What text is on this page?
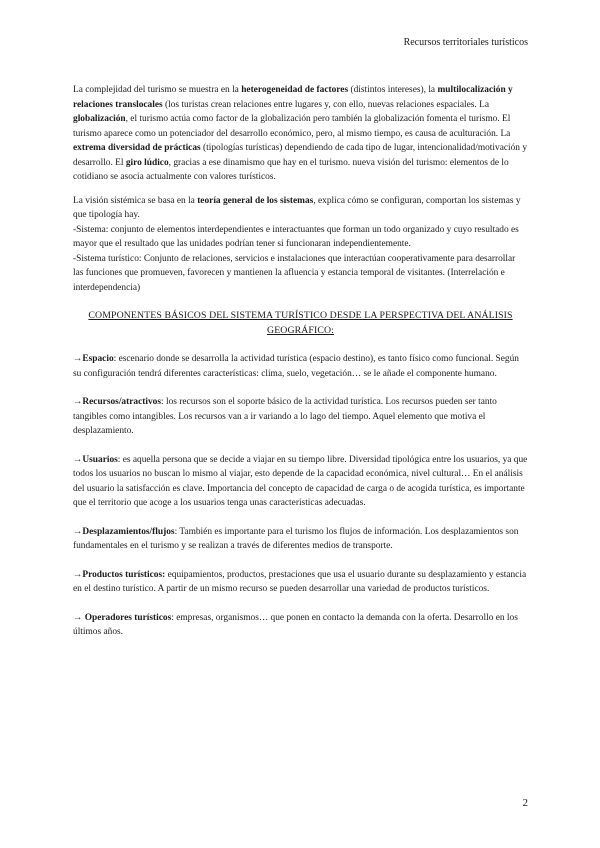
Recursos territoriales turísticos

La complejidad del turismo se muestra en la heterogeneidad de factores (distintos intereses), la multilocalización y relaciones translocales (los turistas crean relaciones entre lugares y, con ello, nuevas relaciones espaciales. La globalización, el turismo actúa como factor de la globalización pero también la globalización fomenta el turismo. El turismo aparece como un potenciador del desarrollo económico, pero, al mismo tiempo, es causa de aculturación. La extrema diversidad de prácticas (tipologías turísticas) dependiendo de cada tipo de lugar, intencionalidad/motivación y desarrollo. El giro lúdico, gracias a ese dinamismo que hay en el turismo. nueva visión del turismo: elementos de lo cotidiano se asocia actualmente con valores turísticos.

La visión sistémica se basa en la teoría general de los sistemas, explica cómo se configuran, comportan los sistemas y que tipología hay.

-Sistema: conjunto de elementos interdependientes e interactuantes que forman un todo organizado y cuyo resultado es mayor que el resultado que las unidades podrían tener si funcionaran independientemente.

-Sistema turístico: Conjunto de relaciones, servicios e instalaciones que interactúan cooperativamente para desarrollar las funciones que promueven, favorecen y mantienen la afluencia y estancia temporal de visitantes. (Interrelación e interdependencia)

COMPONENTES BÁSICOS DEL SISTEMA TURÍSTICO DESDE LA PERSPECTIVA DEL ANÁLISIS GEOGRÁFICO:

→Espacio: escenario donde se desarrolla la actividad turística (espacio destino), es tanto físico como funcional. Según su configuración tendrá diferentes características: clima, suelo, vegetación… se le añade el componente humano.

→Recursos/atractivos: los recursos son el soporte básico de la actividad turística. Los recursos pueden ser tanto tangibles como intangibles. Los recursos van a ir variando a lo lago del tiempo. Aquel elemento que motiva el desplazamiento.

→Usuarios: es aquella persona que se decide a viajar en su tiempo libre. Diversidad tipológica entre los usuarios, ya que todos los usuarios no buscan lo mismo al viajar, esto depende de la capacidad económica, nivel cultural… En el análisis del usuario la satisfacción es clave. Importancia del concepto de capacidad de carga o de acogida turística, es importante que el territorio que acoge a los usuarios tenga unas características adecuadas.

→Desplazamientos/flujos: También es importante para el turismo los flujos de información. Los desplazamientos son fundamentales en el turismo y se realizan a través de diferentes medios de transporte.

→Productos turísticos: equipamientos, productos, prestaciones que usa el usuario durante su desplazamiento y estancia en el destino turístico. A partir de un mismo recurso se pueden desarrollar una variedad de productos turísticos.

→ Operadores turísticos: empresas, organismos… que ponen en contacto la demanda con la oferta. Desarrollo en los últimos años.

2
